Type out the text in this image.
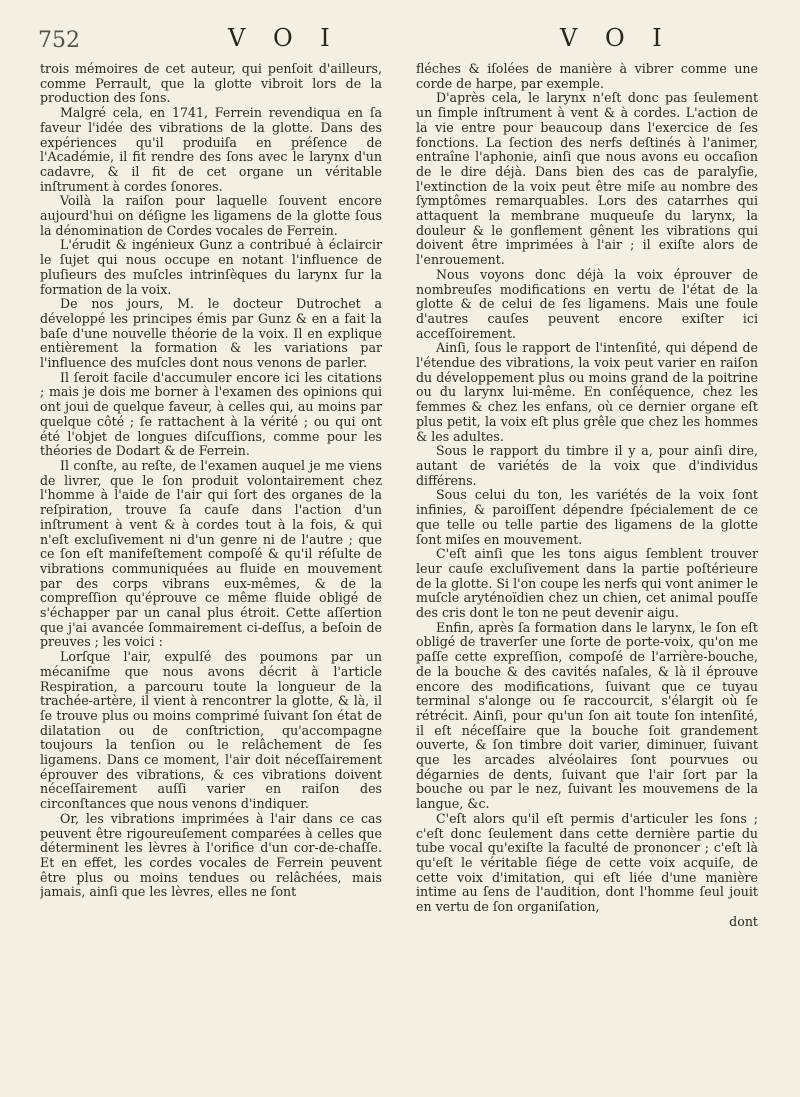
752	V O I	V O I

trois mémoires de cet auteur, qui penſoit d'ailleurs, comme Perrault, que la glotte vibroit lors de la production des ſons.

Malgré cela, en 1741, Ferrein revendiqua en ſa faveur l'idée des vibrations de la glotte. Dans des expériences qu'il produiſa en préſence de l'Académie, il fit rendre des ſons avec le larynx d'un cadavre, & il fit de cet organe un véritable inſtrument à cordes ſonores.

Voilà la raiſon pour laquelle ſouvent encore aujourd'hui on déſigne les ligamens de la glotte ſous la dénomination de Cordes vocales de Ferrein.

L'érudit & ingénieux Gunz a contribué à éclaircir le ſujet qui nous occupe en notant l'influence de pluſieurs des muſcles intrinſèques du larynx ſur la formation de la voix.

De nos jours, M. le docteur Dutrochet a développé les principes émis par Gunz & en a fait la baſe d'une nouvelle théorie de la voix. Il en explique entièrement la formation & les variations par l'influence des muſcles dont nous venons de parler.

Il ſeroit facile d'accumuler encore ici les citations ; mais je dois me borner à l'examen des opinions qui ont joui de quelque faveur, à celles qui, au moins par quelque côté ; ſe rattachent à la vérité ; ou qui ont été l'objet de longues diſcuſſions, comme pour les théories de Dodart & de Ferrein.

Il conſte, au reſte, de l'examen auquel je me viens de livrer, que le ſon produit volontairement chez l'homme à l'aide de l'air qui ſort des organes de la reſpiration, trouve ſa cauſe dans l'action d'un inſtrument à vent & à cordes tout à la fois, & qui n'eſt excluſivement ni d'un genre ni de l'autre ; que ce ſon eſt manifeſtement compoſé & qu'il réſulte de vibrations communiquées au fluide en mouvement par des corps vibrans eux-mêmes, & de la compreſſion qu'éprouve ce même fluide obligé de s'échapper par un canal plus étroit. Cette aſſertion que j'ai avancée ſommairement ci-deſſus, a beſoin de preuves ; les voici :

Lorſque l'air, expulſé des poumons par un mécaniſme que nous avons décrit à l'article Respiration, a parcouru toute la longueur de la trachée-artère, il vient à rencontrer la glotte, & là, il ſe trouve plus ou moins comprimé ſuivant ſon état de dilatation ou de conſtriction, qu'accompagne toujours la tenſion ou le relâchement de ſes ligamens. Dans ce moment, l'air doit néceſſairement éprouver des vibrations, & ces vibrations doivent néceſſairement auſſi varier en raiſon des circonſtances que nous venons d'indiquer.

Or, les vibrations imprimées à l'air dans ce cas peuvent être rigoureuſement comparées à celles que déterminent les lèvres à l'orifice d'un cor-de-chaſſe. Et en effet, les cordes vocales de Ferrein peuvent être plus ou moins tendues ou relâchées, mais jamais, ainſi que les lèvres, elles ne ſont

fléches & iſolées de manière à vibrer comme une corde de harpe, par exemple.

D'après cela, le larynx n'eſt donc pas ſeulement un ſimple inſtrument à vent & à cordes. L'action de la vie entre pour beaucoup dans l'exercice de ſes fonctions. La ſection des nerfs deſtinés à l'animer, entraîne l'aphonie, ainſi que nous avons eu occaſion de le dire déjà. Dans bien des cas de paralyſie, l'extinction de la voix peut être miſe au nombre des ſymptômes remarquables. Lors des catarrhes qui attaquent la membrane muqueuſe du larynx, la douleur & le gonflement gênent les vibrations qui doivent être imprimées à l'air ; il exiſte alors de l'enrouement.

Nous voyons donc déjà la voix éprouver de nombreuſes modifications en vertu de l'état de la glotte & de celui de ſes ligamens. Mais une foule d'autres cauſes peuvent encore exiſter ici acceſſoirement.

Ainſi, ſous le rapport de l'intenſité, qui dépend de l'étendue des vibrations, la voix peut varier en raiſon du développement plus ou moins grand de la poitrine ou du larynx lui-même. En conſéquence, chez les femmes & chez les enfans, où ce dernier organe eſt plus petit, la voix eſt plus grêle que chez les hommes & les adultes.

Sous le rapport du timbre il y a, pour ainſi dire, autant de variétés de la voix que d'individus différens.

Sous celui du ton, les variétés de la voix ſont infinies, & paroiſſent dépendre ſpécialement de ce que telle ou telle partie des ligamens de la glotte ſont miſes en mouvement.

C'eſt ainſi que les tons aigus ſemblent trouver leur cauſe excluſivement dans la partie poſtérieure de la glotte. Si l'on coupe les nerfs qui vont animer le muſcle aryténoïdien chez un chien, cet animal pouſſe des cris dont le ton ne peut devenir aigu.

Enfin, après ſa formation dans le larynx, le ſon eſt obligé de traverſer une ſorte de porte-voix, qu'on me paſſe cette expreſſion, compoſé de l'arrière-bouche, de la bouche & des cavités naſales, & là il éprouve encore des modifications, ſuivant que ce tuyau terminal s'alonge ou ſe raccourcit, s'élargit où ſe rétrécit. Ainſi, pour qu'un ſon ait toute ſon intenſité, il eſt néceſſaire que la bouche ſoit grandement ouverte, & ſon timbre doit varier, diminuer, ſuivant que les arcades alvéolaires ſont pourvues ou dégarnies de dents, ſuivant que l'air ſort par la bouche ou par le nez, ſuivant les mouvemens de la langue, &c.

C'eſt alors qu'il eſt permis d'articuler les ſons ; c'eſt donc ſeulement dans cette dernière partie du tube vocal qu'exiſte la faculté de prononcer ; c'eſt là qu'eſt le véritable ſiége de cette voix acquiſe, de cette voix d'imitation, qui eſt liée d'une manière intime au ſens de l'audition, dont l'homme ſeul jouit en vertu de ſon organiſation,

dont
